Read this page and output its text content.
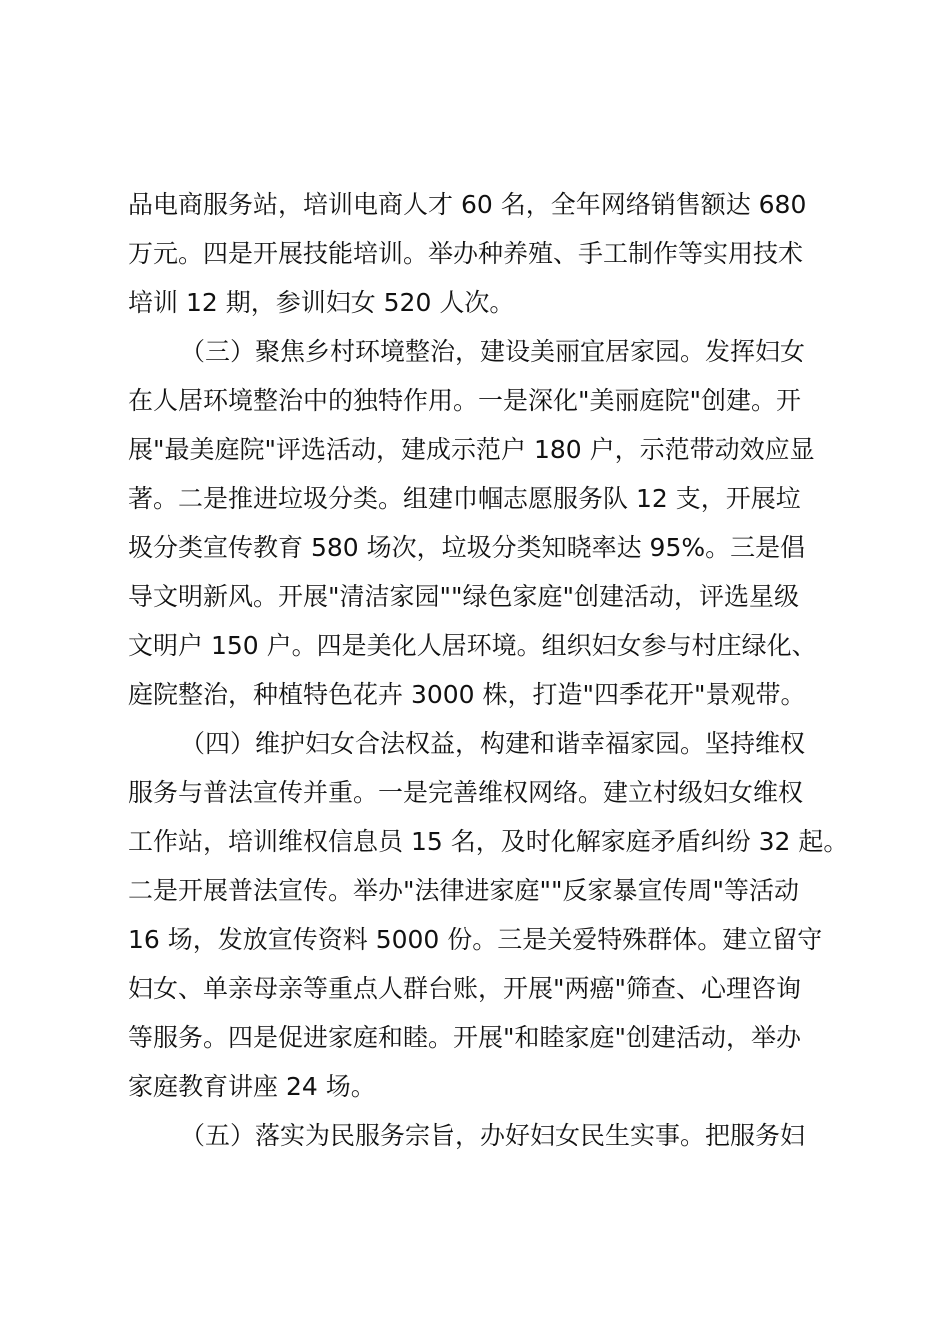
品电商服务站，培训电商人才 60 名，全年网络销售额达 680
万元。四是开展技能培训。举办种养殖、手工制作等实用技术
培训 12 期，参训妇女 520 人次。
（三）聚焦乡村环境整治，建设美丽宜居家园。发挥妇女
在人居环境整治中的独特作用。一是深化"美丽庭院"创建。开
展"最美庭院"评选活动，建成示范户 180 户，示范带动效应显
著。二是推进垃圾分类。组建巾帼志愿服务队 12 支，开展垃
圾分类宣传教育 580 场次，垃圾分类知晓率达 95%。三是倡
导文明新风。开展"清洁家园""绿色家庭"创建活动，评选星级
文明户 150 户。四是美化人居环境。组织妇女参与村庄绿化、
庭院整治，种植特色花卉 3000 株，打造"四季花开"景观带。
（四）维护妇女合法权益，构建和谐幸福家园。坚持维权
服务与普法宣传并重。一是完善维权网络。建立村级妇女维权
工作站，培训维权信息员 15 名，及时化解家庭矛盾纠纷 32 起。
二是开展普法宣传。举办"法律进家庭""反家暴宣传周"等活动
16 场，发放宣传资料 5000 份。三是关爱特殊群体。建立留守
妇女、单亲母亲等重点人群台账，开展"两癌"筛查、心理咨询
等服务。四是促进家庭和睦。开展"和睦家庭"创建活动，举办
家庭教育讲座 24 场。
（五）落实为民服务宗旨，办好妇女民生实事。把服务妇
